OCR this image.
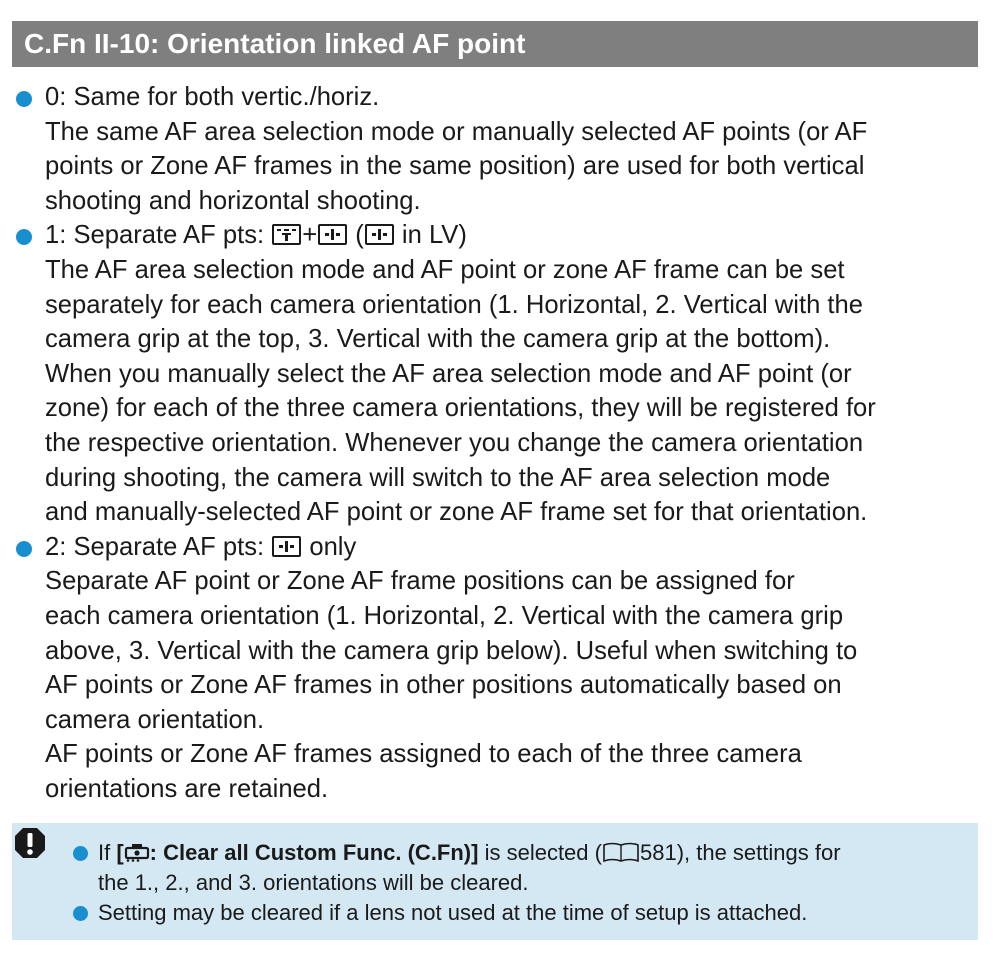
C.Fn II-10: Orientation linked AF point

0: Same for both vertic./horiz.

The same AF area selection mode or manually selected AF points (or AF

points or Zone AF frames in the same position) are used for both vertical

shooting and horizontal shooting.

1: Separate AF pts:
+
(
in LV)

The AF area selection mode and AF point or zone AF frame can be set

separately for each camera orientation (1. Horizontal, 2. Vertical with the

camera grip at the top, 3. Vertical with the camera grip at the bottom).

When you manually select the AF area selection mode and AF point (or

zone) for each of the three camera orientations, they will be registered for

the respective orientation. Whenever you change the camera orientation

during shooting, the camera will switch to the AF area selection mode

and manually-selected AF point or zone AF frame set for that orientation.

2: Separate AF pts:
only

Separate AF point or Zone AF frame positions can be assigned for

each camera orientation (1. Horizontal, 2. Vertical with the camera grip

above, 3. Vertical with the camera grip below). Useful when switching to

AF points or Zone AF frames in other positions automatically based on

camera orientation.

AF points or Zone AF frames assigned to each of the three camera

orientations are retained.

If [ : Clear all Custom Func. (C.Fn)] is selected ( 581), the settings for
the 1., 2., and 3. orientations will be cleared.
Setting may be cleared if a lens not used at the time of setup is attached.
